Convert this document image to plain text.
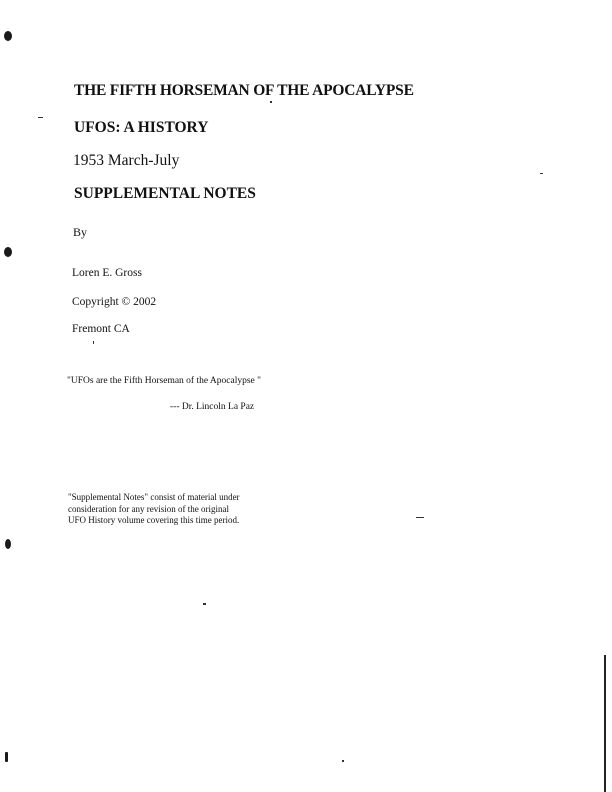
THE FIFTH HORSEMAN OF THE APOCALYPSE
UFOS: A HISTORY

1953 March-July

SUPPLEMENTAL NOTES

By

Loren E. Gross

Copyright © 2002

Fremont CA

"UFOs are the Fifth Horseman of the Apocalypse "

--- Dr. Lincoln La Paz

"Supplemental Notes" consist of material under
consideration for any revision of the original
UFO History volume covering this time period.
